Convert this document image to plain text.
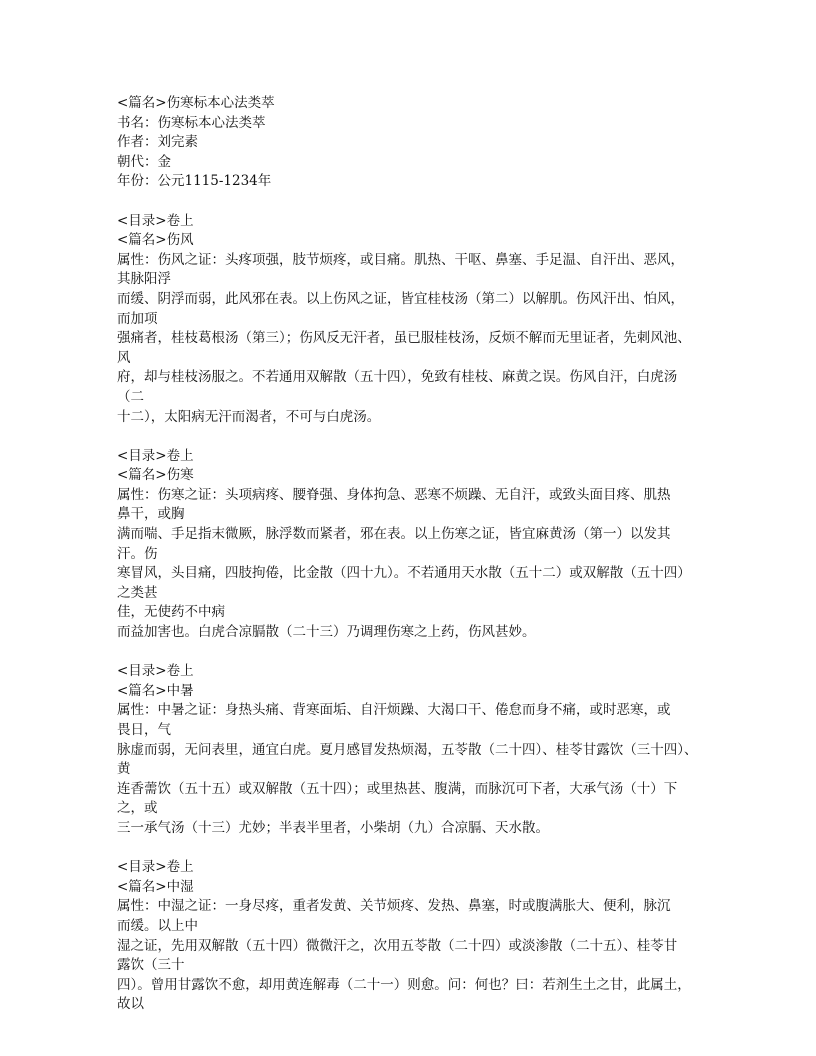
<篇名>伤寒标本心法类萃
书名：伤寒标本心法类萃
作者：刘完素
朝代：金
年份：公元1115-1234年
<目录>卷上
<篇名>伤风
属性：伤风之证：头疼项强，肢节烦疼，或目痛。肌热、干呕、鼻塞、手足温、自汗出、恶风，
其脉阳浮
而缓、阴浮而弱，此风邪在表。以上伤风之证，皆宜桂枝汤（第二）以解肌。伤风汗出、怕风，
而加项
强痛者，桂枝葛根汤（第三）；伤风反无汗者，虽已服桂枝汤，反烦不解而无里证者，先刺风池、
风
府，却与桂枝汤服之。不若通用双解散（五十四），免致有桂枝、麻黄之误。伤风自汗，白虎汤
（二
十二），太阳病无汗而渴者，不可与白虎汤。
<目录>卷上
<篇名>伤寒
属性：伤寒之证：头项病疼、腰脊强、身体拘急、恶寒不烦躁、无自汗，或致头面目疼、肌热
鼻干，或胸
满而喘、手足指末微厥，脉浮数而紧者，邪在表。以上伤寒之证，皆宜麻黄汤（第一）以发其
汗。伤
寒冒风，头目痛，四肢拘倦，比金散（四十九）。不若通用天水散（五十二）或双解散（五十四）
之类甚
佳，无使药不中病
而益加害也。白虎合凉膈散（二十三）乃调理伤寒之上药，伤风甚妙。
<目录>卷上
<篇名>中暑
属性：中暑之证：身热头痛、背寒面垢、自汗烦躁、大渴口干、倦怠而身不痛，或时恶寒，或
畏日，气
脉虚而弱，无问表里，通宜白虎。夏月感冒发热烦渴，五苓散（二十四）、桂苓甘露饮（三十四）、
黄
连香薷饮（五十五）或双解散（五十四）；或里热甚、腹满，而脉沉可下者，大承气汤（十）下
之，或
三一承气汤（十三）尤妙；半表半里者，小柴胡（九）合凉膈、天水散。
<目录>卷上
<篇名>中湿
属性：中湿之证：一身尽疼，重者发黄、关节烦疼、发热、鼻塞，时或腹满胀大、便利，脉沉
而缓。以上中
湿之证，先用双解散（五十四）微微汗之，次用五苓散（二十四）或淡渗散（二十五）、桂苓甘
露饮（三十
四）。曾用甘露饮不愈，却用黄连解毒（二十一）则愈。问：何也？曰：若剂生土之甘，此属土，
故以
